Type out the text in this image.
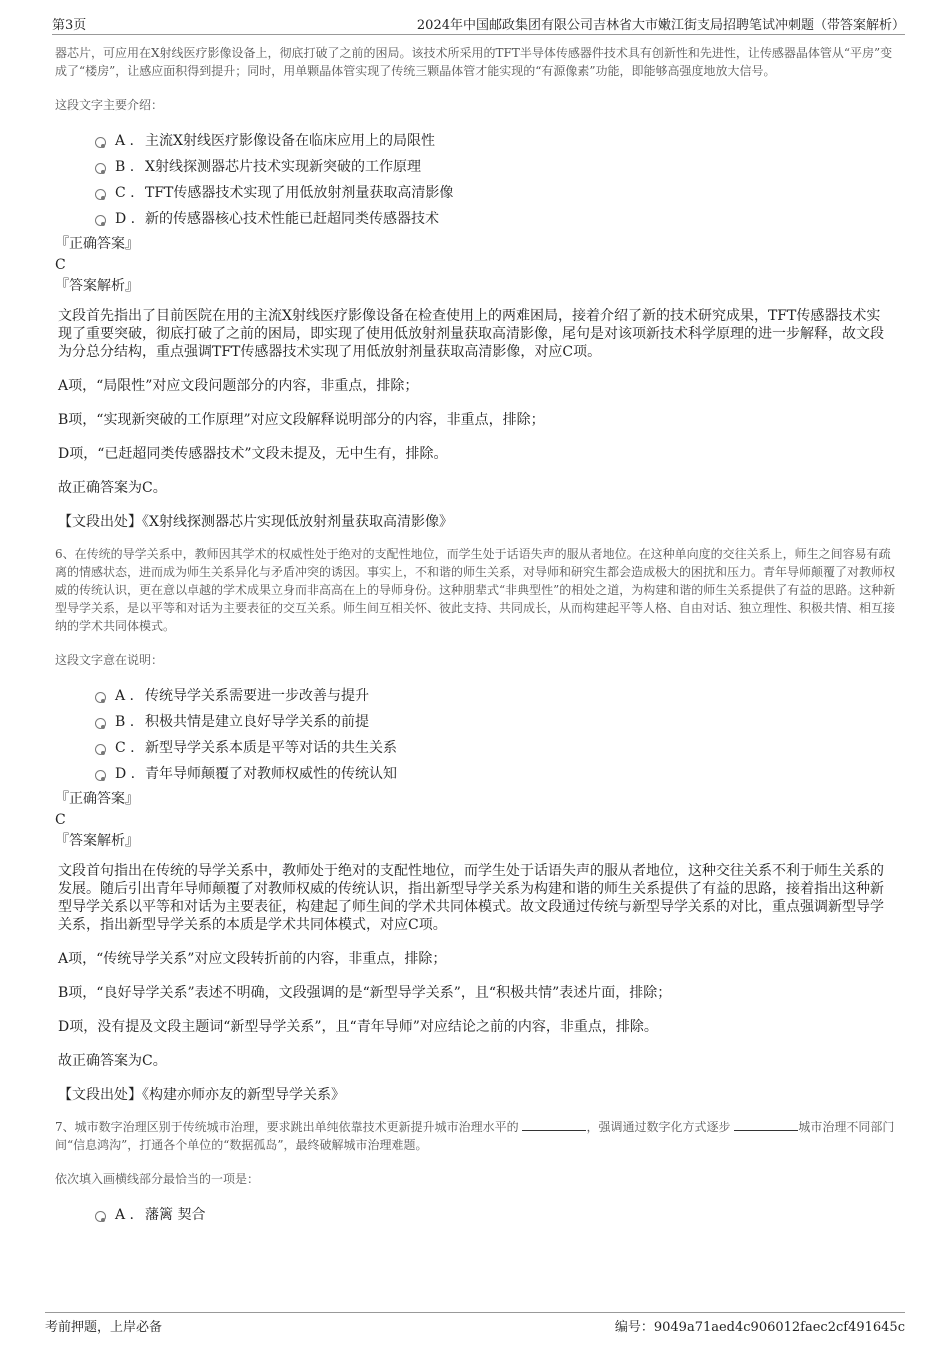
第3页	2024年中国邮政集团有限公司吉林省大市嫩江街支局招聘笔试冲刺题（带答案解析）

器芯片，可应用在X射线医疗影像设备上，彻底打破了之前的困局。该技术所采用的TFT半导体传感器件技术具有创新性和先进性，让传感器晶体管从“平房”变成了“楼房”，让感应面积得到提升；同时，用单颗晶体管实现了传统三颗晶体管才能实现的“有源像素”功能，即能够高强度地放大信号。

这段文字主要介绍：

A . 主流X射线医疗影像设备在临床应用上的局限性
B . X射线探测器芯片技术实现新突破的工作原理
C . TFT传感器技术实现了用低放射剂量获取高清影像
D . 新的传感器核心技术性能已赶超同类传感器技术

『正确答案』

C

『答案解析』

文段首先指出了目前医院在用的主流X射线医疗影像设备在检查使用上的两难困局，接着介绍了新的技术研究成果，TFT传感器技术实现了重要突破，彻底打破了之前的困局，即实现了使用低放射剂量获取高清影像，尾句是对该项新技术科学原理的进一步解释，故文段为分总分结构，重点强调TFT传感器技术实现了用低放射剂量获取高清影像，对应C项。

A项，“局限性”对应文段问题部分的内容，非重点，排除；

B项，“实现新突破的工作原理”对应文段解释说明部分的内容，非重点，排除；

D项，“已赶超同类传感器技术”文段未提及，无中生有，排除。

故正确答案为C。

【文段出处】《X射线探测器芯片实现低放射剂量获取高清影像》

6、在传统的导学关系中，教师因其学术的权威性处于绝对的支配性地位，而学生处于话语失声的服从者地位。在这种单向度的交往关系上，师生之间容易有疏离的情感状态，进而成为师生关系异化与矛盾冲突的诱因。事实上，不和谐的师生关系，对导师和研究生都会造成极大的困扰和压力。青年导师颠覆了对教师权威的传统认识，更在意以卓越的学术成果立身而非高高在上的导师身份。这种朋辈式“非典型性”的相处之道，为构建和谐的师生关系提供了有益的思路。这种新型导学关系，是以平等和对话为主要表征的交互关系。师生间互相关怀、彼此支持、共同成长，从而构建起平等人格、自由对话、独立理性、积极共情、相互接纳的学术共同体模式。

这段文字意在说明：

A . 传统导学关系需要进一步改善与提升
B . 积极共情是建立良好导学关系的前提
C . 新型导学关系本质是平等对话的共生关系
D . 青年导师颠覆了对教师权威性的传统认知

『正确答案』

C

『答案解析』

文段首句指出在传统的导学关系中，教师处于绝对的支配性地位，而学生处于话语失声的服从者地位，这种交往关系不利于师生关系的发展。随后引出青年导师颠覆了对教师权威的传统认识，指出新型导学关系为构建和谐的师生关系提供了有益的思路，接着指出这种新型导学关系以平等和对话为主要表征，构建起了师生间的学术共同体模式。故文段通过传统与新型导学关系的对比，重点强调新型导学关系，指出新型导学关系的本质是学术共同体模式，对应C项。

A项，“传统导学关系”对应文段转折前的内容，非重点，排除；

B项，“良好导学关系”表述不明确，文段强调的是“新型导学关系”，且“积极共情”表述片面，排除；

D项，没有提及文段主题词“新型导学关系”，且“青年导师”对应结论之前的内容，非重点，排除。

故正确答案为C。

【文段出处】《构建亦师亦友的新型导学关系》

7、城市数字治理区别于传统城市治理，要求跳出单纯依靠技术更新提升城市治理水平的	，强调通过数字化方式逐步	城市治理不同部门间“信息鸿沟”，打通各个单位的“数据孤岛”，最终破解城市治理难题。

依次填入画横线部分最恰当的一项是：

A . 藩篱 契合
考前押题，上岸必备	编号：9049a71aed4c906012faec2cf491645c
